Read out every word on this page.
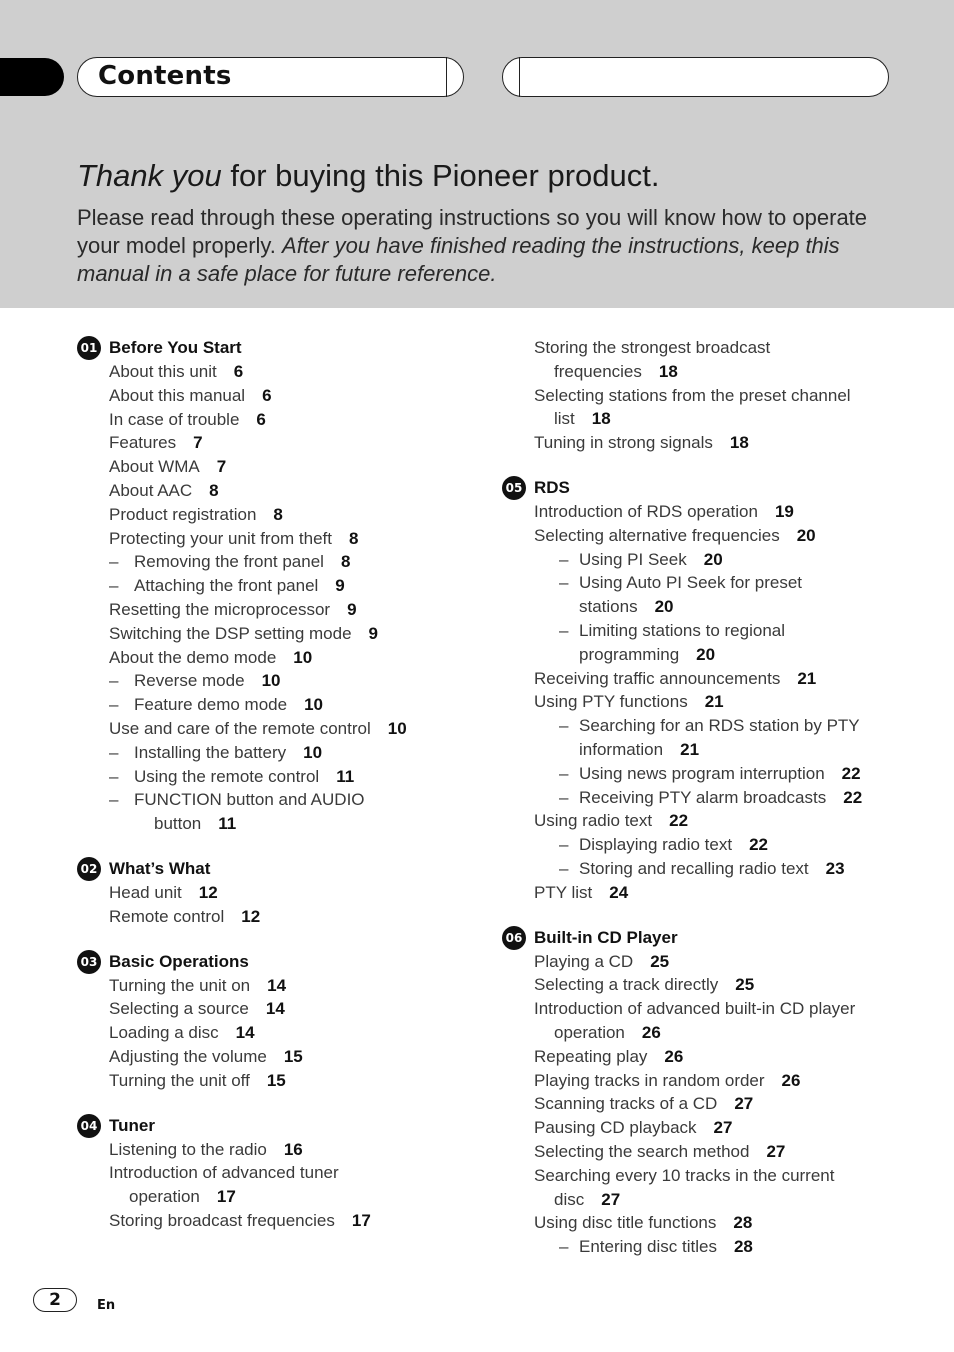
Contents
Thank you for buying this Pioneer product.
Please read through these operating instructions so you will know how to operate your model properly. After you have finished reading the instructions, keep this manual in a safe place for future reference.
01 Before You Start
About this unit 6
About this manual 6
In case of trouble 6
Features 7
About WMA 7
About AAC 8
Product registration 8
Protecting your unit from theft 8
– Removing the front panel 8
– Attaching the front panel 9
Resetting the microprocessor 9
Switching the DSP setting mode 9
About the demo mode 10
– Reverse mode 10
– Feature demo mode 10
Use and care of the remote control 10
– Installing the battery 10
– Using the remote control 11
– FUNCTION button and AUDIO
button 11
02 What’s What
Head unit 12
Remote control 12
03 Basic Operations
Turning the unit on 14
Selecting a source 14
Loading a disc 14
Adjusting the volume 15
Turning the unit off 15
04 Tuner
Listening to the radio 16
Introduction of advanced tuner
operation 17
Storing broadcast frequencies 17
Storing the strongest broadcast
frequencies 18
Selecting stations from the preset channel
list 18
Tuning in strong signals 18
05 RDS
Introduction of RDS operation 19
Selecting alternative frequencies 20
– Using PI Seek 20
– Using Auto PI Seek for preset
stations 20
– Limiting stations to regional
programming 20
Receiving traffic announcements 21
Using PTY functions 21
– Searching for an RDS station by PTY
information 21
– Using news program interruption 22
– Receiving PTY alarm broadcasts 22
Using radio text 22
– Displaying radio text 22
– Storing and recalling radio text 23
PTY list 24
06 Built-in CD Player
Playing a CD 25
Selecting a track directly 25
Introduction of advanced built-in CD player
operation 26
Repeating play 26
Playing tracks in random order 26
Scanning tracks of a CD 27
Pausing CD playback 27
Selecting the search method 27
Searching every 10 tracks in the current
disc 27
Using disc title functions 28
– Entering disc titles 28
2	En
